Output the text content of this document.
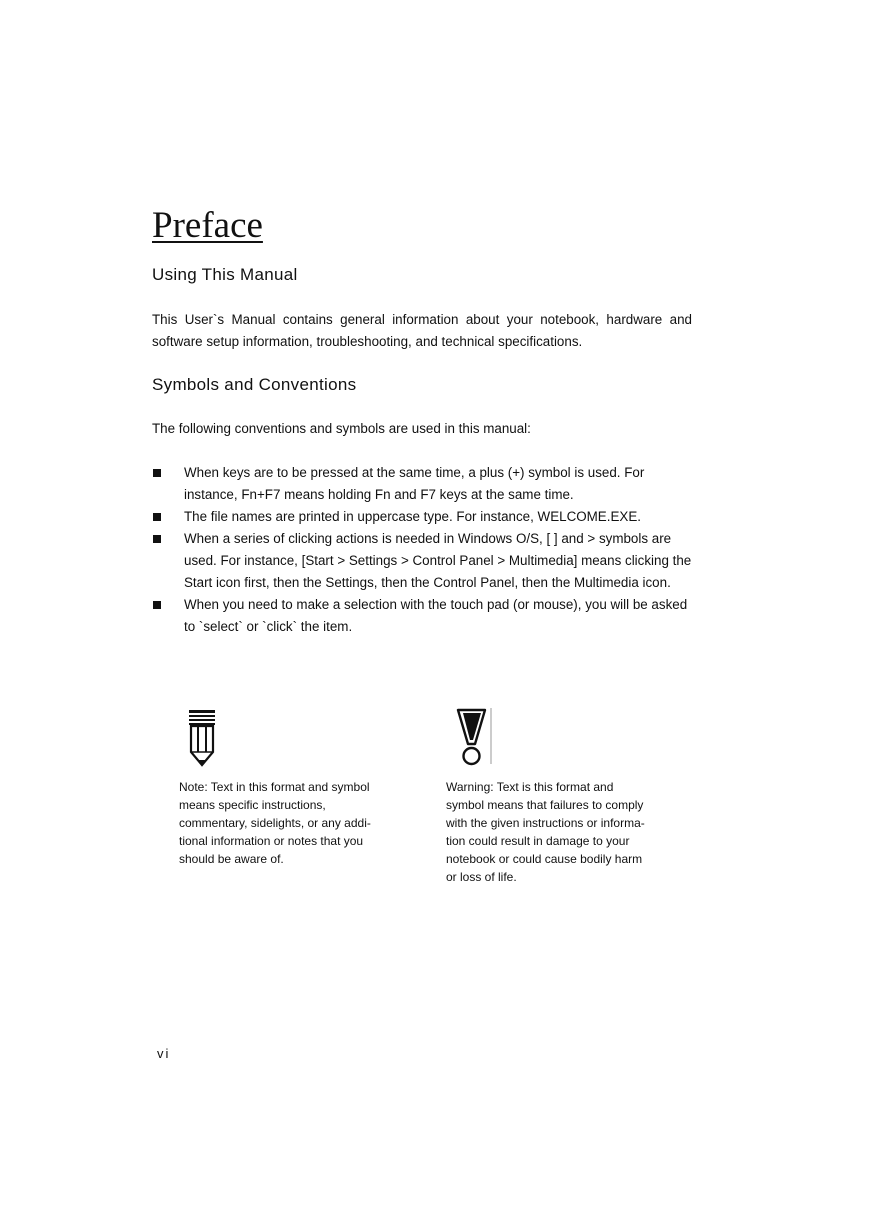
Preface
Using This Manual

This User`s Manual contains general information about your notebook, hardware and software setup information, troubleshooting, and technical specifications.

Symbols and Conventions

The following conventions and symbols are used in this manual:

When keys are to be pressed at the same time, a plus (+) symbol is used. For instance, Fn+F7 means holding Fn and F7 keys at the same time.
The file names are printed in uppercase type. For instance, WELCOME.EXE.
When a series of clicking actions is needed in Windows O/S, [ ] and > symbols are used. For instance, [Start > Settings > Control Panel > Multimedia] means clicking the Start icon first, then the Settings, then the Control Panel, then the Multimedia icon.
When you need to make a selection with the touch pad (or mouse), you will be asked to `select` or `click` the item.

Note: Text in this format and symbol
means specific instructions,
commentary, sidelights, or any addi-
tional information or notes that you
should be aware of.

Warning: Text is this format and
symbol means that failures to comply
with the given instructions or informa-
tion could result in damage to your
notebook or could cause bodily harm
or loss of life.

vi
